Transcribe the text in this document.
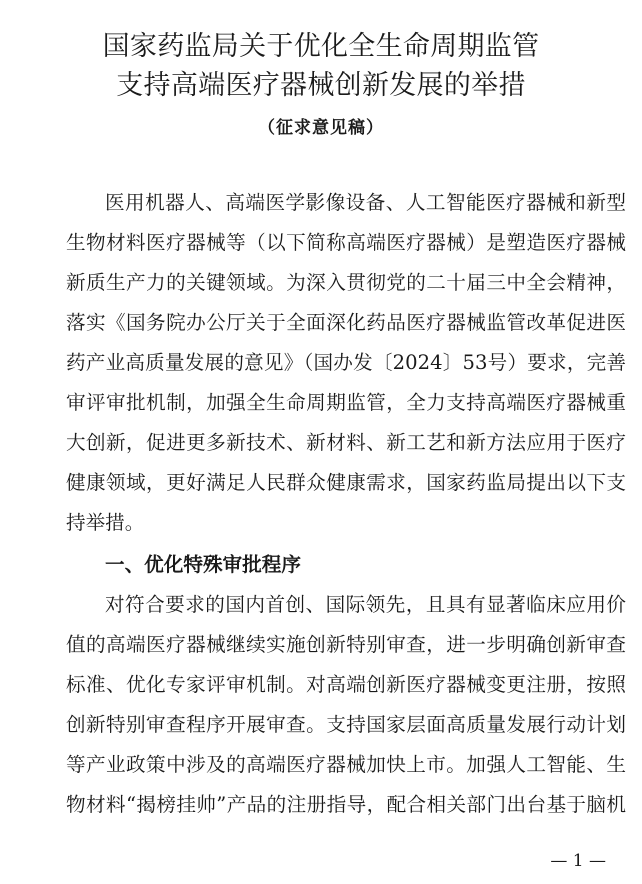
国家药监局关于优化全生命周期监管
支持高端医疗器械创新发展的举措
（征求意见稿）
医用机器人、高端医学影像设备、人工智能医疗器械和新型
生物材料医疗器械等（以下简称高端医疗器械）是塑造医疗器械
新质生产力的关键领域。为深入贯彻党的二十届三中全会精神，
落实《国务院办公厅关于全面深化药品医疗器械监管改革促进医
药产业高质量发展的意见》（国办发〔2024〕53号）要求，完善
审评审批机制，加强全生命周期监管，全力支持高端医疗器械重
大创新，促进更多新技术、新材料、新工艺和新方法应用于医疗
健康领域，更好满足人民群众健康需求，国家药监局提出以下支
持举措。
一、优化特殊审批程序
对符合要求的国内首创、国际领先，且具有显著临床应用价
值的高端医疗器械继续实施创新特别审查，进一步明确创新审查
标准、优化专家评审机制。对高端创新医疗器械变更注册，按照
创新特别审查程序开展审查。支持国家层面高质量发展行动计划
等产业政策中涉及的高端医疗器械加快上市。加强人工智能、生
物材料“揭榜挂帅”产品的注册指导，配合相关部门出台基于脑机
— 1 —
